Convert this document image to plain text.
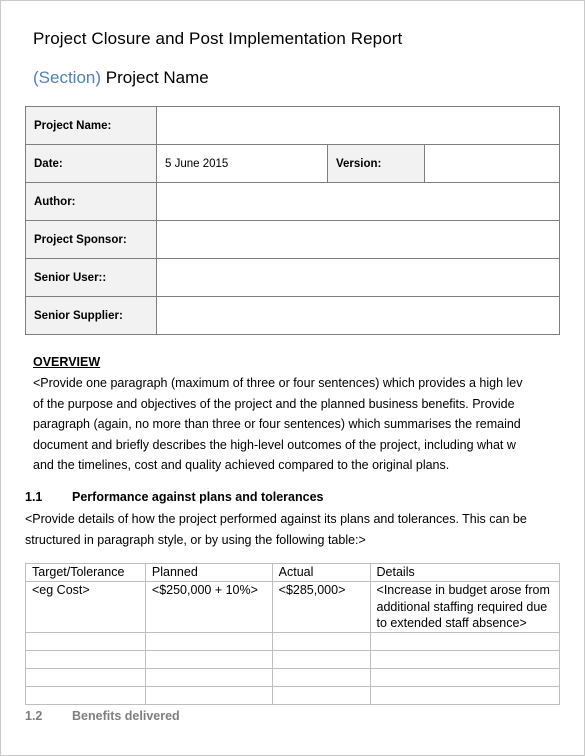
Project Closure and Post Implementation Report
(Section) Project Name
Project Name:			
Date:	5 June 2015	Version:	
Author:			
Project Sponsor:			
Senior User::			
Senior Supplier:			
OVERVIEW
<Provide one paragraph (maximum of three or four sentences) which provides a high lev
of the purpose and objectives of the project and the planned business benefits. Provide
paragraph (again, no more than three or four sentences) which summarises the remaind
document and briefly describes the high-level outcomes of the project, including what w
and the timelines, cost and quality achieved compared to the original plans.
1.1 Performance against plans and tolerances
<Provide details of how the project performed against its plans and tolerances. This can be
structured in paragraph style, or by using the following table:>
Target/Tolerance	Planned	Actual	Details
<eg Cost>	<$250,000 + 10%>	<$285,000>	<Increase in budget arose from
additional staffing required due
to extended staff absence>

1.2 Benefits delivered
